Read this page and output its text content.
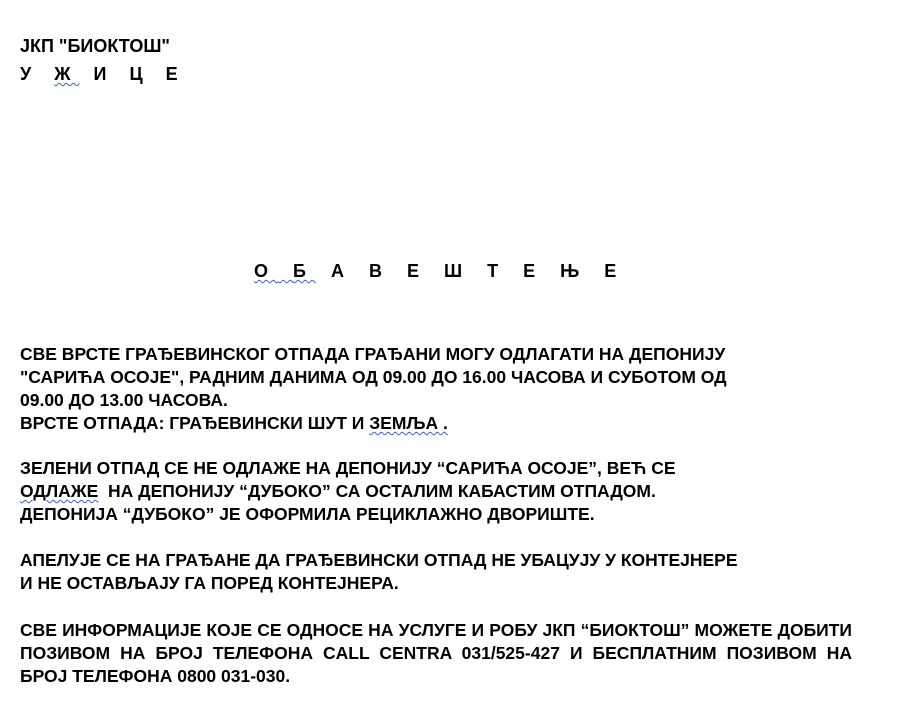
ЈКП "БИОКТОШ"
У Ж И Ц Е
О Б А В Е Ш Т Е Њ Е

СВЕ ВРСТЕ ГРАЂЕВИНСКОГ ОТПАДА ГРАЂАНИ МОГУ ОДЛАГАТИ НА ДЕПОНИЈУ
"САРИЋА ОСОЈЕ", РАДНИМ ДАНИМА ОД 09.00 ДО 16.00 ЧАСОВА И СУБОТОМ ОД
09.00 ДО 13.00 ЧАСОВА.
ВРСТЕ ОТПАДА: ГРАЂЕВИНСКИ ШУТ И ЗЕМЉА .

ЗЕЛЕНИ ОТПАД СЕ НЕ ОДЛАЖЕ НА ДЕПОНИЈУ “САРИЋА ОСОЈЕ”, ВЕЋ СЕ
ОДЛАЖЕ  НА ДЕПОНИЈУ “ДУБОКО” СА ОСТАЛИМ КАБАСТИМ ОТПАДОМ.
ДЕПОНИЈА “ДУБОКО” ЈЕ ОФОРМИЛА РЕЦИКЛАЖНО ДВОРИШТЕ.

АПЕЛУЈЕ СЕ НА ГРАЂАНЕ ДА ГРАЂЕВИНСКИ ОТПАД НЕ УБАЦУЈУ У КОНТЕЈНЕРЕ
И НЕ ОСТАВЉАЈУ ГА ПОРЕД КОНТЕЈНЕРА.

СВЕ ИНФОРМАЦИЈЕ КОЈЕ СЕ ОДНОСЕ НА УСЛУГЕ И РОБУ ЈКП “БИОКТОШ” МОЖЕТЕ ДОБИТИ ПОЗИВОМ НА БРОЈ ТЕЛЕФОНА CALL CENTRA 031/525-427 И БЕСПЛАТНИМ ПОЗИВОМ НА БРОЈ ТЕЛЕФОНА 0800 031-030.
